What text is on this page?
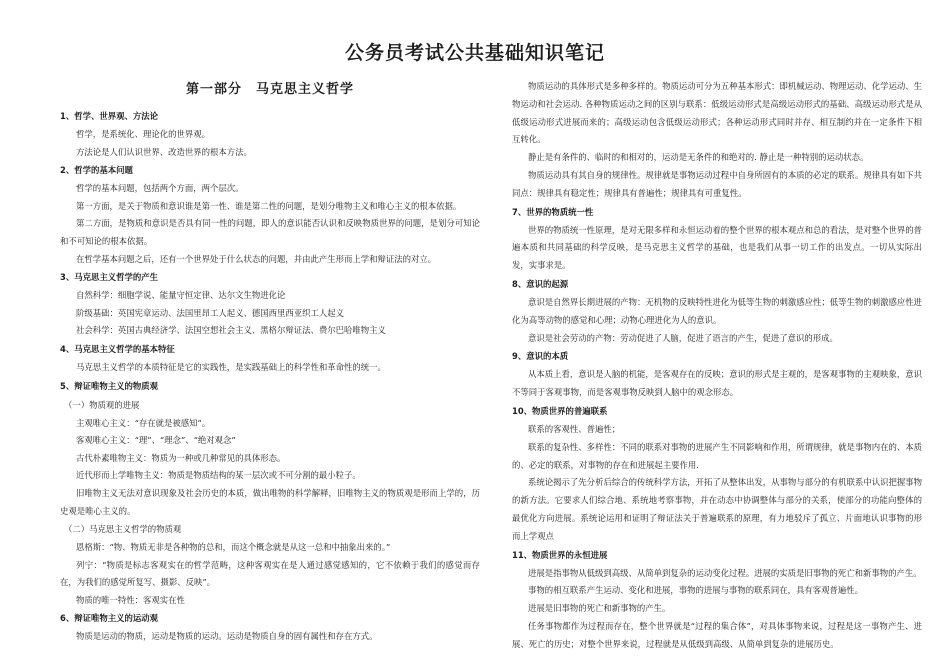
公务员考试公共基础知识笔记
第一部分　马克思主义哲学
1、哲学、世界观、方法论
哲学，是系统化、理论化的世界观。
方法论是人们认识世界、改造世界的根本方法。
2、哲学的基本问题
哲学的基本问题，包括两个方面，两个层次。
第一方面，是关于物质和意识谁是第一性、谁是第二性的问题，是划分唯物主义和唯心主义的根本依据。
第二方面，是物质和意识是否具有同一性的问题，即人的意识能否认识和反映物质世界的问题，是划分可知论和不可知论的根本依据。
在哲学基本问题之后，还有一个世界处于什么状态的问题，并由此产生形而上学和辩证法的对立。
3、马克思主义哲学的产生
自然科学：细胞学说、能量守恒定律、达尔文生物进化论
阶级基础：英国宪章运动、法国里昂工人起义、德国西里西亚织工人起义
社会科学：英国古典经济学、法国空想社会主义、黑格尔辩证法、费尔巴哈唯物主义
4、马克思主义哲学的基本特征
马克思主义哲学的本质特征是它的实践性，是实践基础上的科学性和革命性的统一。
5、辩证唯物主义的物质观
（一）物质观的进展
主观唯心主义：“存在就是被感知”。
客观唯心主义：“理”、“理念”、“绝对观念”
古代朴素唯物主义：物质为一种或几种常见的具体形态。
近代形而上学唯物主义：物质是物质结构的某一层次或不可分割的最小粒子。
旧唯物主义无法对意识现象及社会历史的本质，做出唯物的科学解释，旧唯物主义的物质观是形而上学的，历史观是唯心主义的。
（二）马克思主义哲学的物质观
恩格斯：“物、物质无非是各种物的总和，而这个概念就是从这一总和中抽象出来的。”
列宁：“物质是标志客观实在的哲学范畴，这种客观实在是人通过感觉感知的，它不依赖于我们的感觉而存在，为我们的感觉所复写、摄影、反映”。
物质的唯一特性：客观实在性
6、辩证唯物主义的运动观
物质是运动的物质，运动是物质的运动。运动是物质自身的固有属性和存在方式。
物质运动的具体形式是多种多样的。物质运动可分为五种基本形式：即机械运动、物理运动、化学运动、生物运动和社会运动. 各种物质运动之间的区别与联系：低级运动形式是高级运动形式的基础、高级运动形式是从低级运动形式进展而来的；高级运动包含低级运动形式；各种运动形式同时并存、相互制约并在一定条件下相互转化。
静止是有条件的、临时的和相对的，运动是无条件的和绝对的. 静止是一种特别的运动状态。
物质运动具有其自身的规律性。规律就是事物运动过程中自身所固有的本质的必定的联系。规律具有如下共同点：规律具有稳定性；规律具有普遍性；规律具有可重复性。
7、世界的物质统一性
世界的物质统一性原理，是对无限多样和永恒运动着的整个世界的根本观点和总的看法，是对整个世界的普遍本质和共同基础的科学反映，是马克思主义哲学的基础，也是我们从事一切工作的出发点。一切从实际出发，实事求是。
8、意识的起源
意识是自然界长期进展的产物：无机物的反映特性进化为低等生物的刺激感应性；低等生物的刺激感应性进化为高等动物的感觉和心理；动物心理进化为人的意识。
意识是社会劳动的产物：劳动促进了人脑，促进了语言的产生，促进了意识的形成。
9、意识的本质
从本质上看，意识是人脑的机能，是客观存在的反映；意识的形式是主观的，是客观事物的主观映象，意识不等同于客观事物，而是客观事物反映到人脑中的观念形态。
10、物质世界的普遍联系
联系的客观性、普遍性；
联系的复杂性、多样性：不同的联系对事物的进展产生不同影响和作用，所谓规律，就是事物内在的、本质的、必定的联系，对事物的存在和进展起主要作用.
系统论揭示了先分析后综合的传统科学方法，开拓了从整体出发，从事物与部分的有机联系中认识把握事物的新方法。它要求人们综合地、系统地考察事物，并在动态中协调整体与部分的关系，使部分的功能向整体的最优化方向进展。系统论运用和证明了辩证法关于普遍联系的原理，有力地驳斥了孤立、片面地认识事物的形而上学观点
11、物质世界的永恒进展
进展是指事物从低级到高级、从简单到复杂的运动变化过程。进展的实质是旧事物的死亡和新事物的产生。
事物的相互联系产生运动、变化和进展，事物的进展与事物的联系同在，具有客观普遍性。
进展是旧事物的死亡和新事物的产生。
任务事物都作为过程而存在，整个世界就是“过程的集合体”，对具体事物来说，过程是这一事物产生、进展、死亡的历史；对整个世界来说，过程就是从低级到高级、从简单到复杂的进展历史。
